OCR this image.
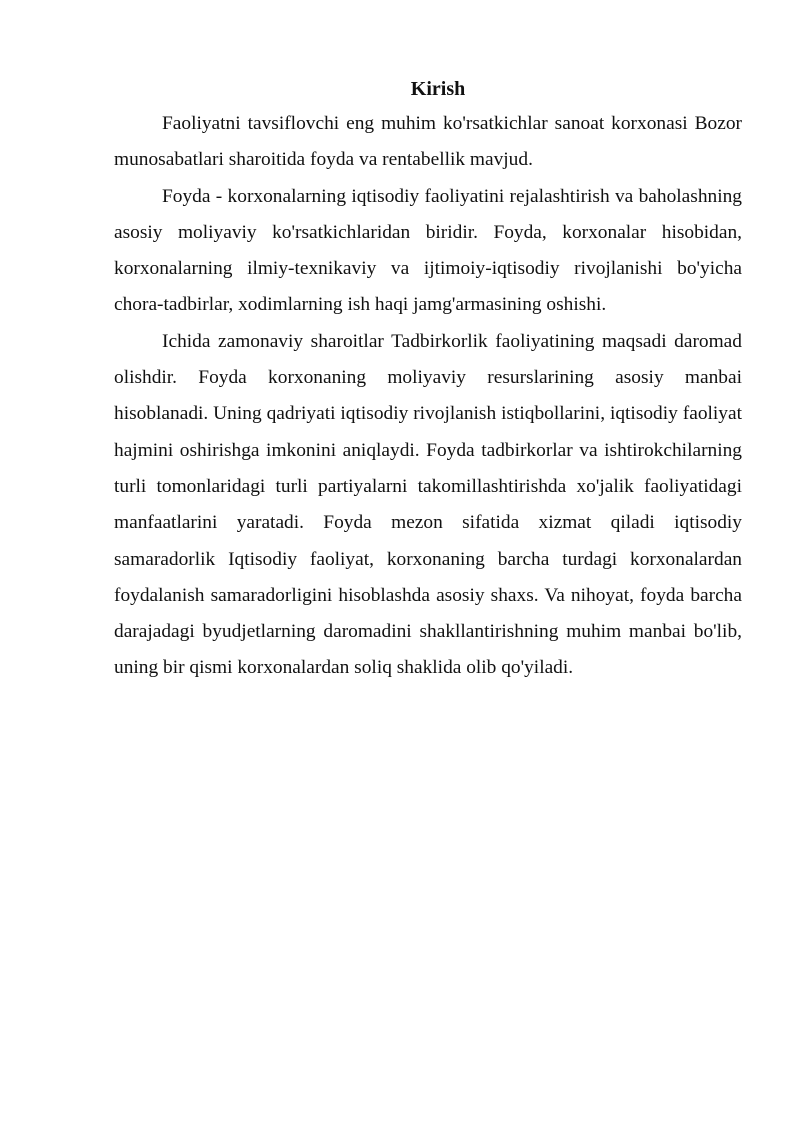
Kirish

Faoliyatni tavsiflovchi eng muhim ko'rsatkichlar sanoat korxonasi Bozor munosabatlari sharoitida foyda va rentabellik mavjud.

Foyda - korxonalarning iqtisodiy faoliyatini rejalashtirish va baholashning asosiy moliyaviy ko'rsatkichlaridan biridir. Foyda, korxonalar hisobidan, korxonalarning ilmiy-texnikaviy va ijtimoiy-iqtisodiy rivojlanishi bo'yicha chora-tadbirlar, xodimlarning ish haqi jamg'armasining oshishi.

Ichida zamonaviy sharoitlar Tadbirkorlik faoliyatining maqsadi daromad olishdir. Foyda korxonaning moliyaviy resurslarining asosiy manbai hisoblanadi. Uning qadriyati iqtisodiy rivojlanish istiqbollarini, iqtisodiy faoliyat hajmini oshirishga imkonini aniqlaydi. Foyda tadbirkorlar va ishtirokchilarning turli tomonlaridagi turli partiyalarni takomillashtirishda xo'jalik faoliyatidagi manfaatlarini yaratadi. Foyda mezon sifatida xizmat qiladi iqtisodiy samaradorlik Iqtisodiy faoliyat, korxonaning barcha turdagi korxonalardan foydalanish samaradorligini hisoblashda asosiy shaxs. Va nihoyat, foyda barcha darajadagi byudjetlarning daromadini shakllantirishning muhim manbai bo'lib, uning bir qismi korxonalardan soliq shaklida olib qo'yiladi.
